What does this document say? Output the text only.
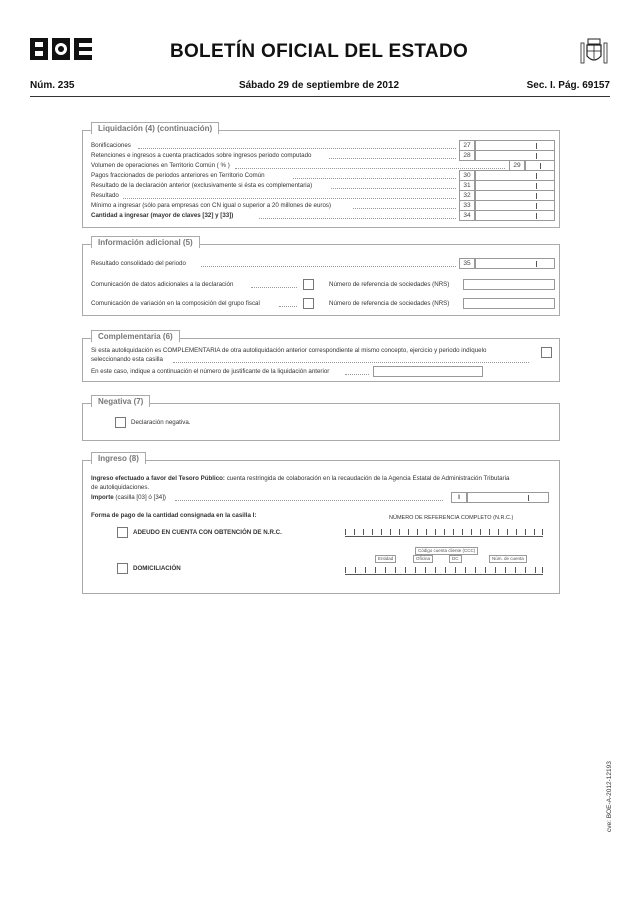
BOLETÍN OFICIAL DEL ESTADO
Núm. 235	Sábado 29 de septiembre de 2012	Sec. I. Pág. 69157
Liquidación (4) (continuación)
Bonificaciones	27
Retenciones e ingresos a cuenta practicados sobre ingresos periodo computado	28
Volumen de operaciones en Territorio Común ( % )	29
Pagos fraccionados de periodos anteriores en Territorio Común	30
Resultado de la declaración anterior (exclusivamente si ésta es complementaria)	31
Resultado	32
Mínimo a ingresar (sólo para empresas con CN igual o superior a 20 millones de euros)	33
Cantidad a ingresar (mayor de claves [32] y [33])	34
Información adicional (5)
Resultado consolidado del periodo	35
Comunicación de datos adicionales a la declaración	Número de referencia de sociedades (NRS)
Comunicación de variación en la composición del grupo fiscal	Número de referencia de sociedades (NRS)
Complementaria (6)
Si esta autoliquidación es COMPLEMENTARIA de otra autoliquidación anterior correspondiente al mismo concepto, ejercicio y periodo indíquelo
seleccionando esta casilla
En este caso, indique a continuación el número de justificante de la liquidación anterior
Negativa (7)
Declaración negativa.
Ingreso (8)
Ingreso efectuado a favor del Tesoro Público: cuenta restringida de colaboración en la recaudación de la Agencia Estatal de Administración Tributaria
de autoliquidaciones.
Importe (casilla [03] ó [34])	I
Forma de pago de la cantidad consignada en la casilla I:	NÚMERO DE REFERENCIA COMPLETO (N.R.C.)
ADEUDO EN CUENTA CON OBTENCIÓN DE N.R.C.
Código cuenta cliente (CCC)
Entidad	Oficina	DC	Núm. de cuenta
DOMICILIACIÓN
cve: BOE-A-2012-12193
